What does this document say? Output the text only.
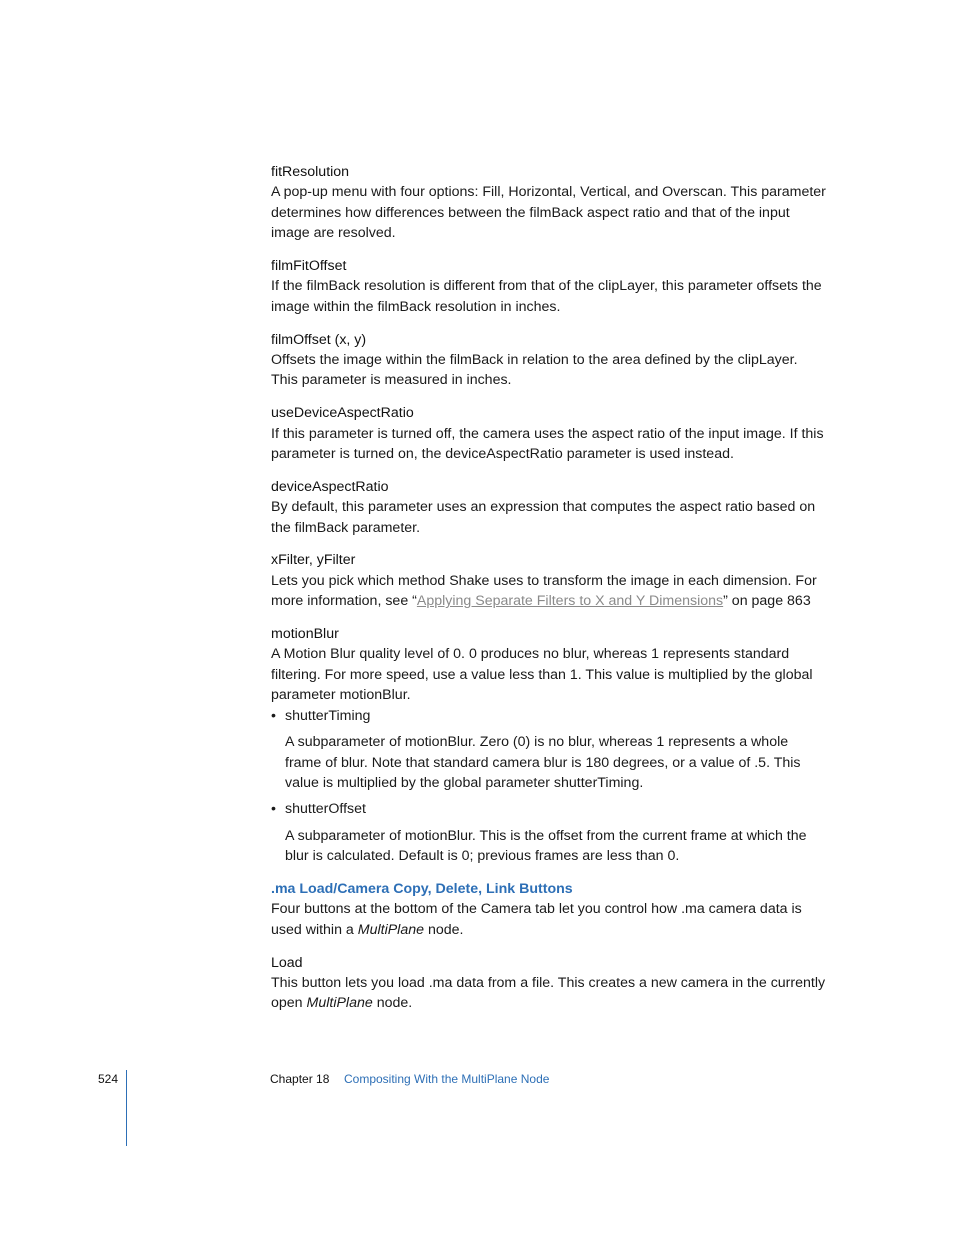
fitResolution

A pop-up menu with four options: Fill, Horizontal, Vertical, and Overscan. This parameter determines how differences between the filmBack aspect ratio and that of the input image are resolved.

filmFitOffset

If the filmBack resolution is different from that of the clipLayer, this parameter offsets the image within the filmBack resolution in inches.

filmOffset (x, y)

Offsets the image within the filmBack in relation to the area defined by the clipLayer. This parameter is measured in inches.

useDeviceAspectRatio

If this parameter is turned off, the camera uses the aspect ratio of the input image. If this parameter is turned on, the deviceAspectRatio parameter is used instead.

deviceAspectRatio

By default, this parameter uses an expression that computes the aspect ratio based on the filmBack parameter.

xFilter, yFilter

Lets you pick which method Shake uses to transform the image in each dimension. For more information, see “Applying Separate Filters to X and Y Dimensions” on page 863

motionBlur

A Motion Blur quality level of 0. 0 produces no blur, whereas 1 represents standard filtering. For more speed, use a value less than 1. This value is multiplied by the global parameter motionBlur.

• shutterTiming

A subparameter of motionBlur. Zero (0) is no blur, whereas 1 represents a whole frame of blur. Note that standard camera blur is 180 degrees, or a value of .5. This value is multiplied by the global parameter shutterTiming.

• shutterOffset

A subparameter of motionBlur. This is the offset from the current frame at which the blur is calculated. Default is 0; previous frames are less than 0.

.ma Load/Camera Copy, Delete, Link Buttons

Four buttons at the bottom of the Camera tab let you control how .ma camera data is used within a MultiPlane node.

Load

This button lets you load .ma data from a file. This creates a new camera in the currently open MultiPlane node.

524	Chapter 18 Compositing With the MultiPlane Node
